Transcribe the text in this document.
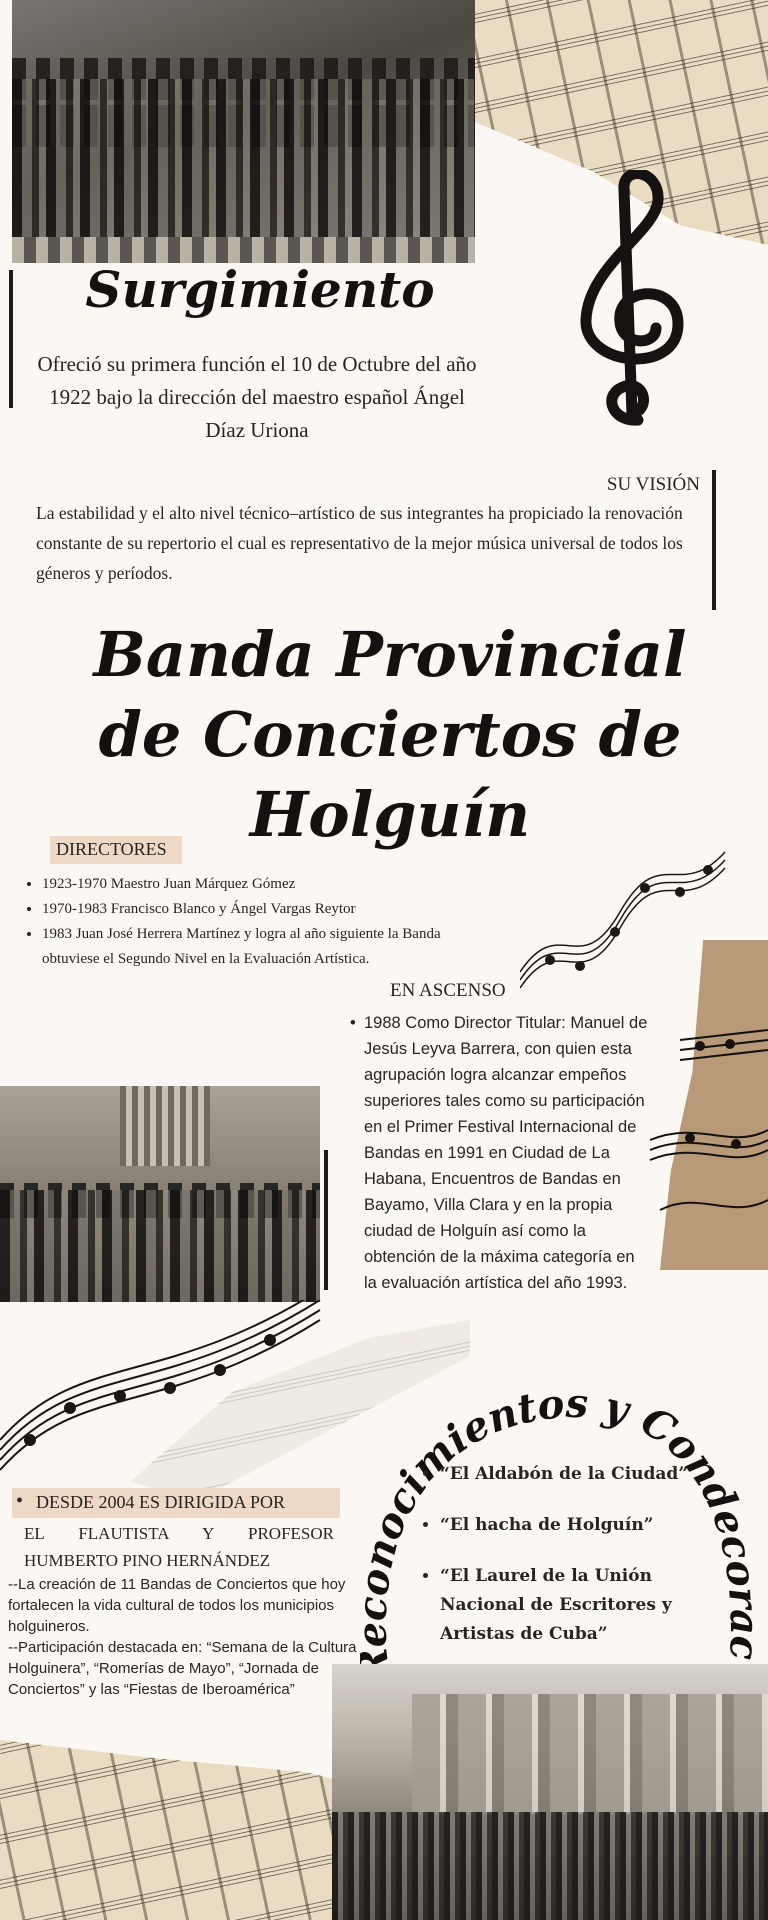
Surgimiento
Ofreció su primera función el 10 de Octubre del año 1922 bajo la dirección del maestro español Ángel Díaz Uriona
SU VISIÓN
La estabilidad y el alto nivel técnico–artístico de sus integrantes ha propiciado la renovación constante de su repertorio el cual es representativo de la mejor música universal de todos los géneros y períodos.
Banda Provincial
de Conciertos de
Holguín
DIRECTORES
• 1923-1970 Maestro Juan Márquez Gómez
• 1970-1983 Francisco Blanco y Ángel Vargas Reytor
• 1983 Juan José Herrera Martínez y logra al año siguiente la Banda obtuviese el Segundo Nivel en la Evaluación Artística.
EN ASCENSO
• 1988 Como Director Titular: Manuel de Jesús Leyva Barrera, con quien esta agrupación logra alcanzar empeños superiores tales como su participación en el Primer Festival Internacional de Bandas en 1991 en Ciudad de La Habana, Encuentros de Bandas en Bayamo, Villa Clara y en la propia ciudad de Holguín así como la obtención de la máxima categoría en la evaluación artística del año 1993.
• DESDE 2004 ES DIRIGIDA POR
EL FLAUTISTA Y PROFESOR
HUMBERTO PINO HERNÁNDEZ
--La creación de 11 Bandas de Conciertos que hoy fortalecen la vida cultural de todos los municipios holguineros.
--Participación destacada en: “Semana de la Cultura Holguinera”, “Romerías de Mayo”, “Jornada de Conciertos” y las “Fiestas de Iberoamérica”
ocimientos y Condecorac
• “El Aldabón de la Ciudad”
• “El hacha de Holguín”
• “El Laurel de la Unión Nacional de Escritores y Artistas de Cuba”
